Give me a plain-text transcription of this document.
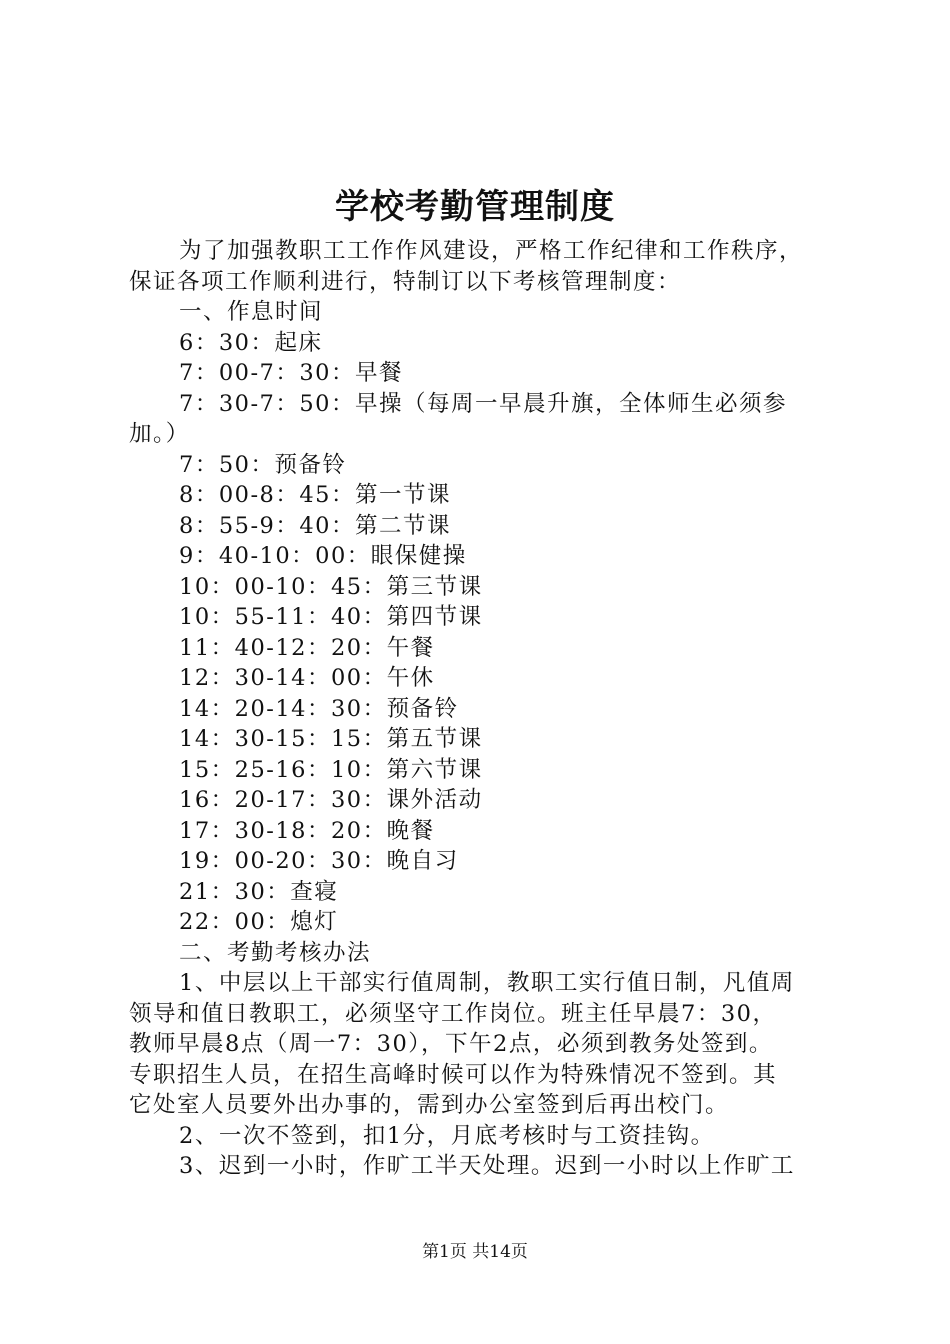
学校考勤管理制度
为了加强教职工工作作风建设，严格工作纪律和工作秩序，
保证各项工作顺利进行，特制订以下考核管理制度：
一、作息时间
6：30：起床
7：00-7：30：早餐
7：30-7：50：早操（每周一早晨升旗，全体师生必须参
加。）
7：50：预备铃
8：00-8：45：第一节课
8：55-9：40：第二节课
9：40-10：00：眼保健操
10：00-10：45：第三节课
10：55-11：40：第四节课
11：40-12：20：午餐
12：30-14：00：午休
14：20-14：30：预备铃
14：30-15：15：第五节课
15：25-16：10：第六节课
16：20-17：30：课外活动
17：30-18：20：晚餐
19：00-20：30：晚自习
21：30：查寝
22：00：熄灯
二、考勤考核办法
1、中层以上干部实行值周制，教职工实行值日制，凡值周
领导和值日教职工，必须坚守工作岗位。班主任早晨7：30，
教师早晨8点（周一7：30），下午2点，必须到教务处签到。
专职招生人员，在招生高峰时候可以作为特殊情况不签到。其
它处室人员要外出办事的，需到办公室签到后再出校门。
2、一次不签到，扣1分，月底考核时与工资挂钩。
3、迟到一小时，作旷工半天处理。迟到一小时以上作旷工
第1页 共14页
